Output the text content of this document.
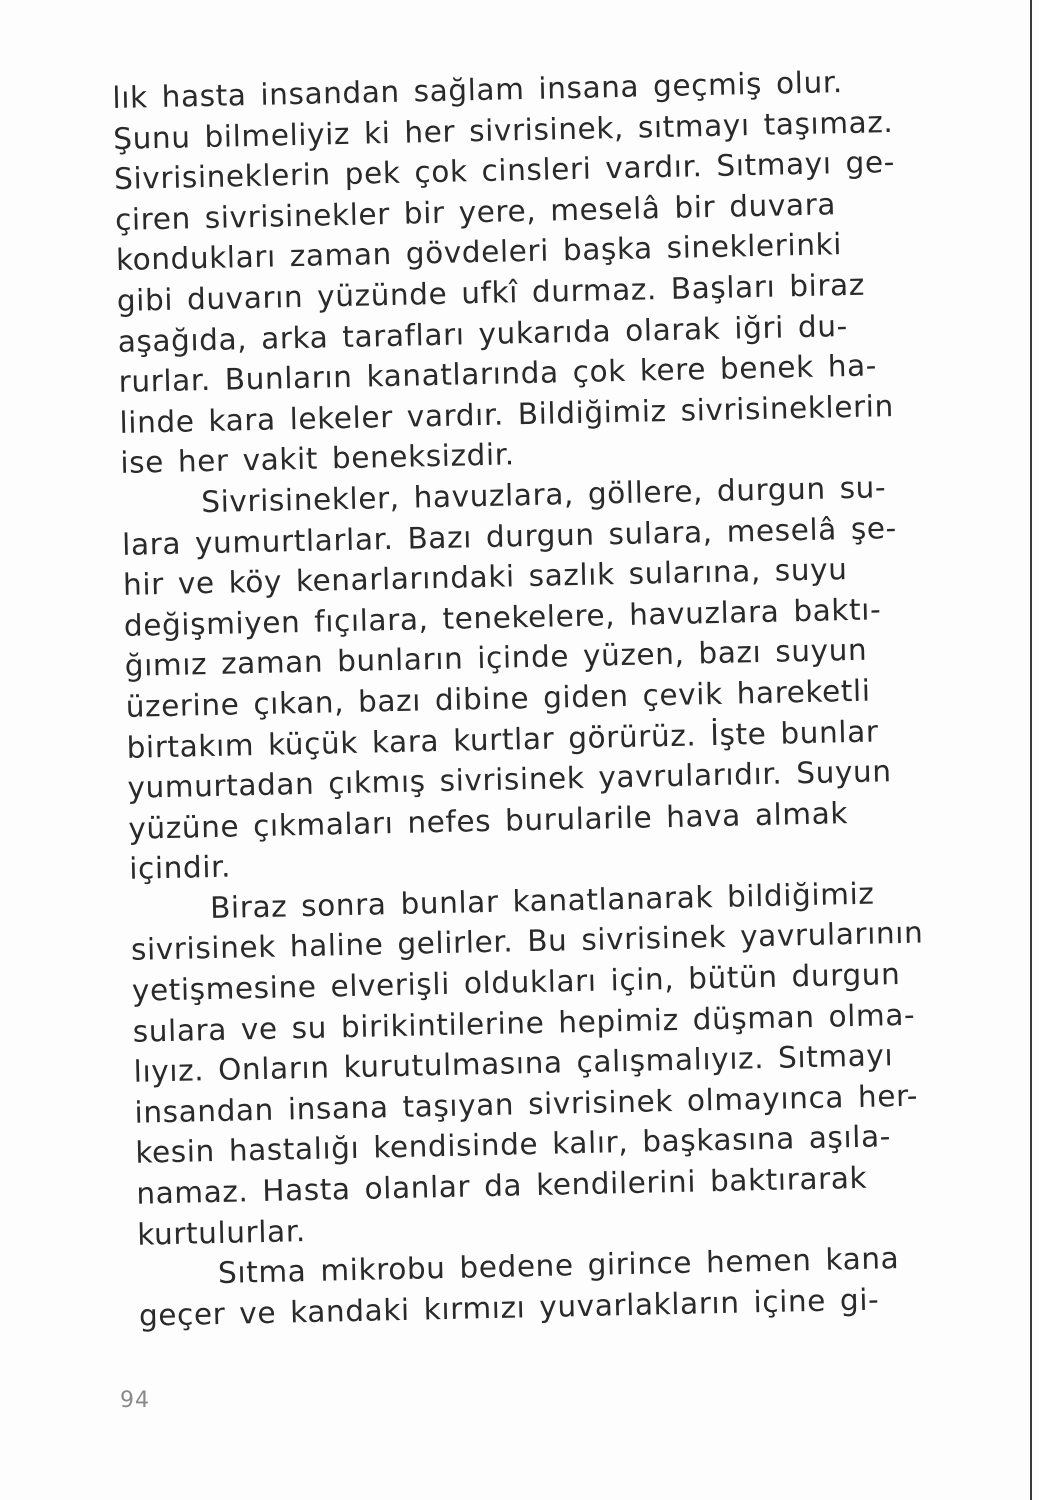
lık hasta insandan sağlam insana geçmiş olur.
Şunu bilmeliyiz ki her sivrisinek, sıtmayı taşımaz.
Sivrisineklerin pek çok cinsleri vardır. Sıtmayı ge-
çiren sivrisinekler bir yere, meselâ bir duvara
kondukları zaman gövdeleri başka sineklerinki
gibi duvarın yüzünde ufkî durmaz. Başları biraz
aşağıda, arka tarafları yukarıda olarak iğri du-
rurlar. Bunların kanatlarında çok kere benek ha-
linde kara lekeler vardır. Bildiğimiz sivrisineklerin
ise her vakit beneksizdir.
Sivrisinekler, havuzlara, göllere, durgun su-
lara yumurtlarlar. Bazı durgun sulara, meselâ şe-
hir ve köy kenarlarındaki sazlık sularına, suyu
değişmiyen fıçılara, tenekelere, havuzlara baktı-
ğımız zaman bunların içinde yüzen, bazı suyun
üzerine çıkan, bazı dibine giden çevik hareketli
birtakım küçük kara kurtlar görürüz. İşte bunlar
yumurtadan çıkmış sivrisinek yavrularıdır. Suyun
yüzüne çıkmaları nefes burularile hava almak
içindir.
Biraz sonra bunlar kanatlanarak bildiğimiz
sivrisinek haline gelirler. Bu sivrisinek yavrularının
yetişmesine elverişli oldukları için, bütün durgun
sulara ve su birikintilerine hepimiz düşman olma-
lıyız. Onların kurutulmasına çalışmalıyız. Sıtmayı
insandan insana taşıyan sivrisinek olmayınca her-
kesin hastalığı kendisinde kalır, başkasına aşıla-
namaz. Hasta olanlar da kendilerini baktırarak
kurtulurlar.
Sıtma mikrobu bedene girince hemen kana
geçer ve kandaki kırmızı yuvarlakların içine gi-
94
